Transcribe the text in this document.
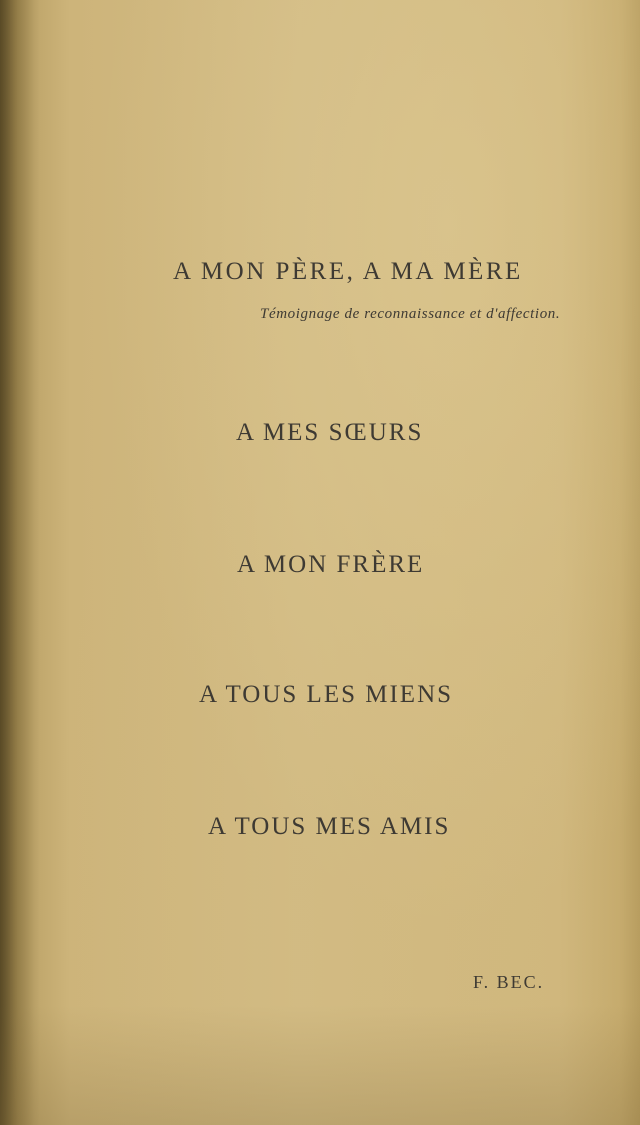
A MON PÈRE, A MA MÈRE
Témoignage de reconnaissance et d'affection.
A MES SŒURS
A MON FRÈRE
A TOUS LES MIENS
A TOUS MES AMIS
F. BEC.
